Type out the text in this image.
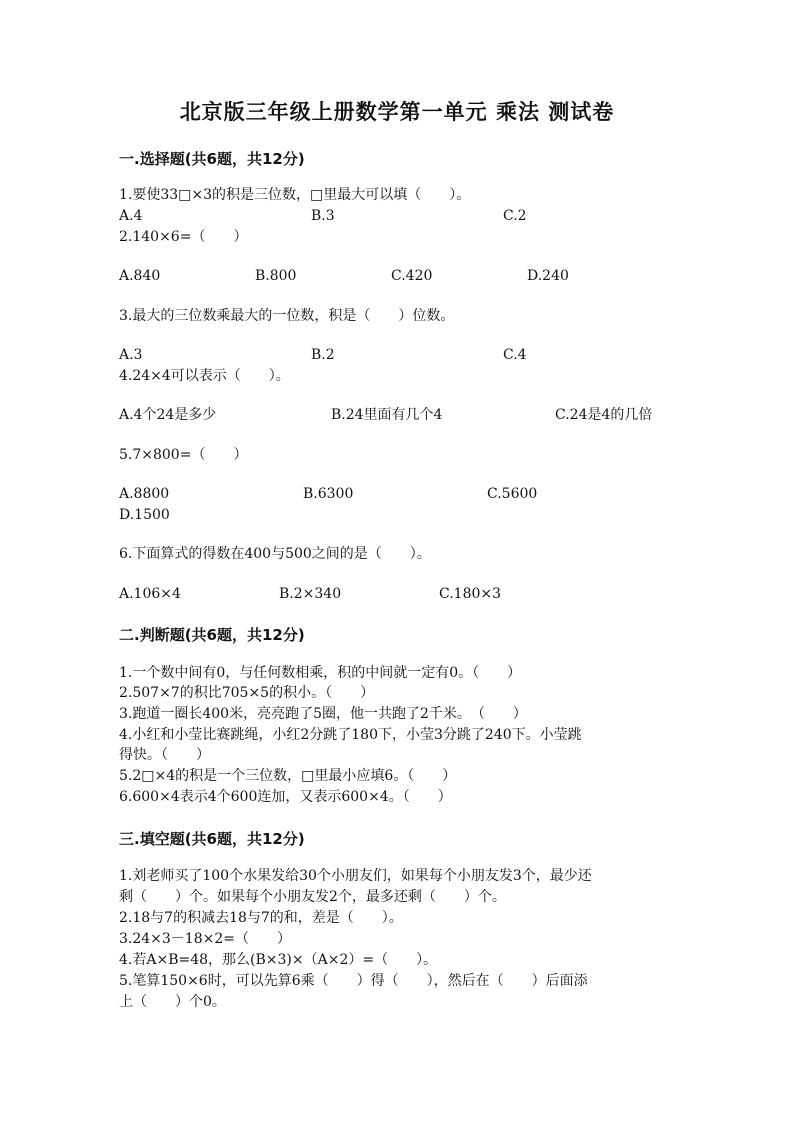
北京版三年级上册数学第一单元 乘法 测试卷
一.选择题(共6题，共12分)
1.要使33□×3的积是三位数，□里最大可以填（　　）。
A.4	B.3	C.2
2.140×6=（　　）
A.840	B.800	C.420	D.240
3.最大的三位数乘最大的一位数，积是（　　）位数。
A.3	B.2	C.4
4.24×4可以表示（　　）。
A.4个24是多少	B.24里面有几个4	C.24是4的几倍
5.7×800=（　　）
A.8800	B.6300	C.5600
D.1500
6.下面算式的得数在400与500之间的是（　　）。
A.106×4	B.2×340	C.180×3
二.判断题(共6题，共12分)
1.一个数中间有0，与任何数相乘，积的中间就一定有0。（　　）
2.507×7的积比705×5的积小。（　　）
3.跑道一圈长400米，亮亮跑了5圈，他一共跑了2千米。　（　　）
4.小红和小莹比赛跳绳，小红2分跳了180下，小莹3分跳了240下。小莹跳
得快。（　　）
5.2□×4的积是一个三位数，□里最小应填6。（　　）
6.600×4表示4个600连加，又表示600×4。（　　）
三.填空题(共6题，共12分)
1.刘老师买了100个水果发给30个小朋友们，如果每个小朋友发3个，最少还
剩（　　）个。如果每个小朋友发2个，最多还剩（　　）个。
2.18与7的积减去18与7的和，差是（　　）。
3.24×3－18×2=（　　）
4.若A×B=48，那么(B×3)×（A×2）=（　　）。
5.笔算150×6时，可以先算6乘（　　）得（　　），然后在（　　）后面添
上（　　）个0。
